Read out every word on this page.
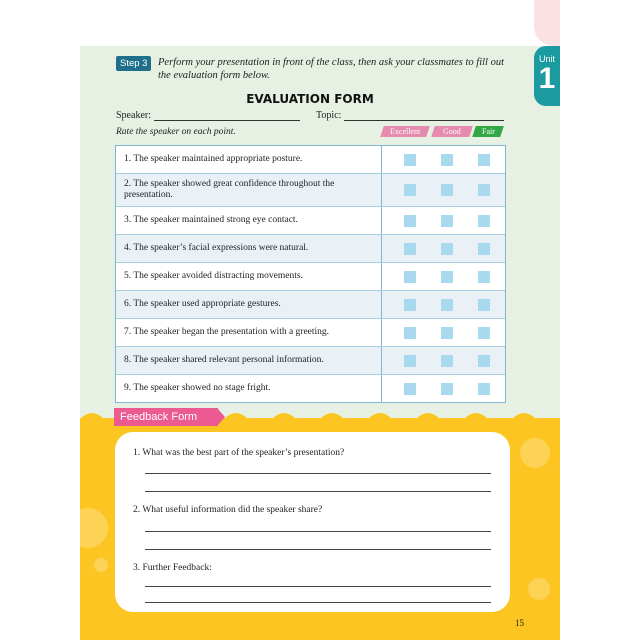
Unit
1
Step 3	Perform your presentation in front of the class, then ask your classmates to fill out the evaluation form below.
EVALUATION FORM
Speaker:	Topic:
Rate the speaker on each point.	Excellent	Good	Fair
1. The speaker maintained appropriate posture.
2. The speaker showed great confidence throughout the presentation.
3. The speaker maintained strong eye contact.
4. The speaker’s facial expressions were natural.
5. The speaker avoided distracting movements.
6. The speaker used appropriate gestures.
7. The speaker began the presentation with a greeting.
8. The speaker shared relevant personal information.
9. The speaker showed no stage fright.
Feedback Form
1. What was the best part of the speaker’s presentation?
2. What useful information did the speaker share?
3. Further Feedback:
15
